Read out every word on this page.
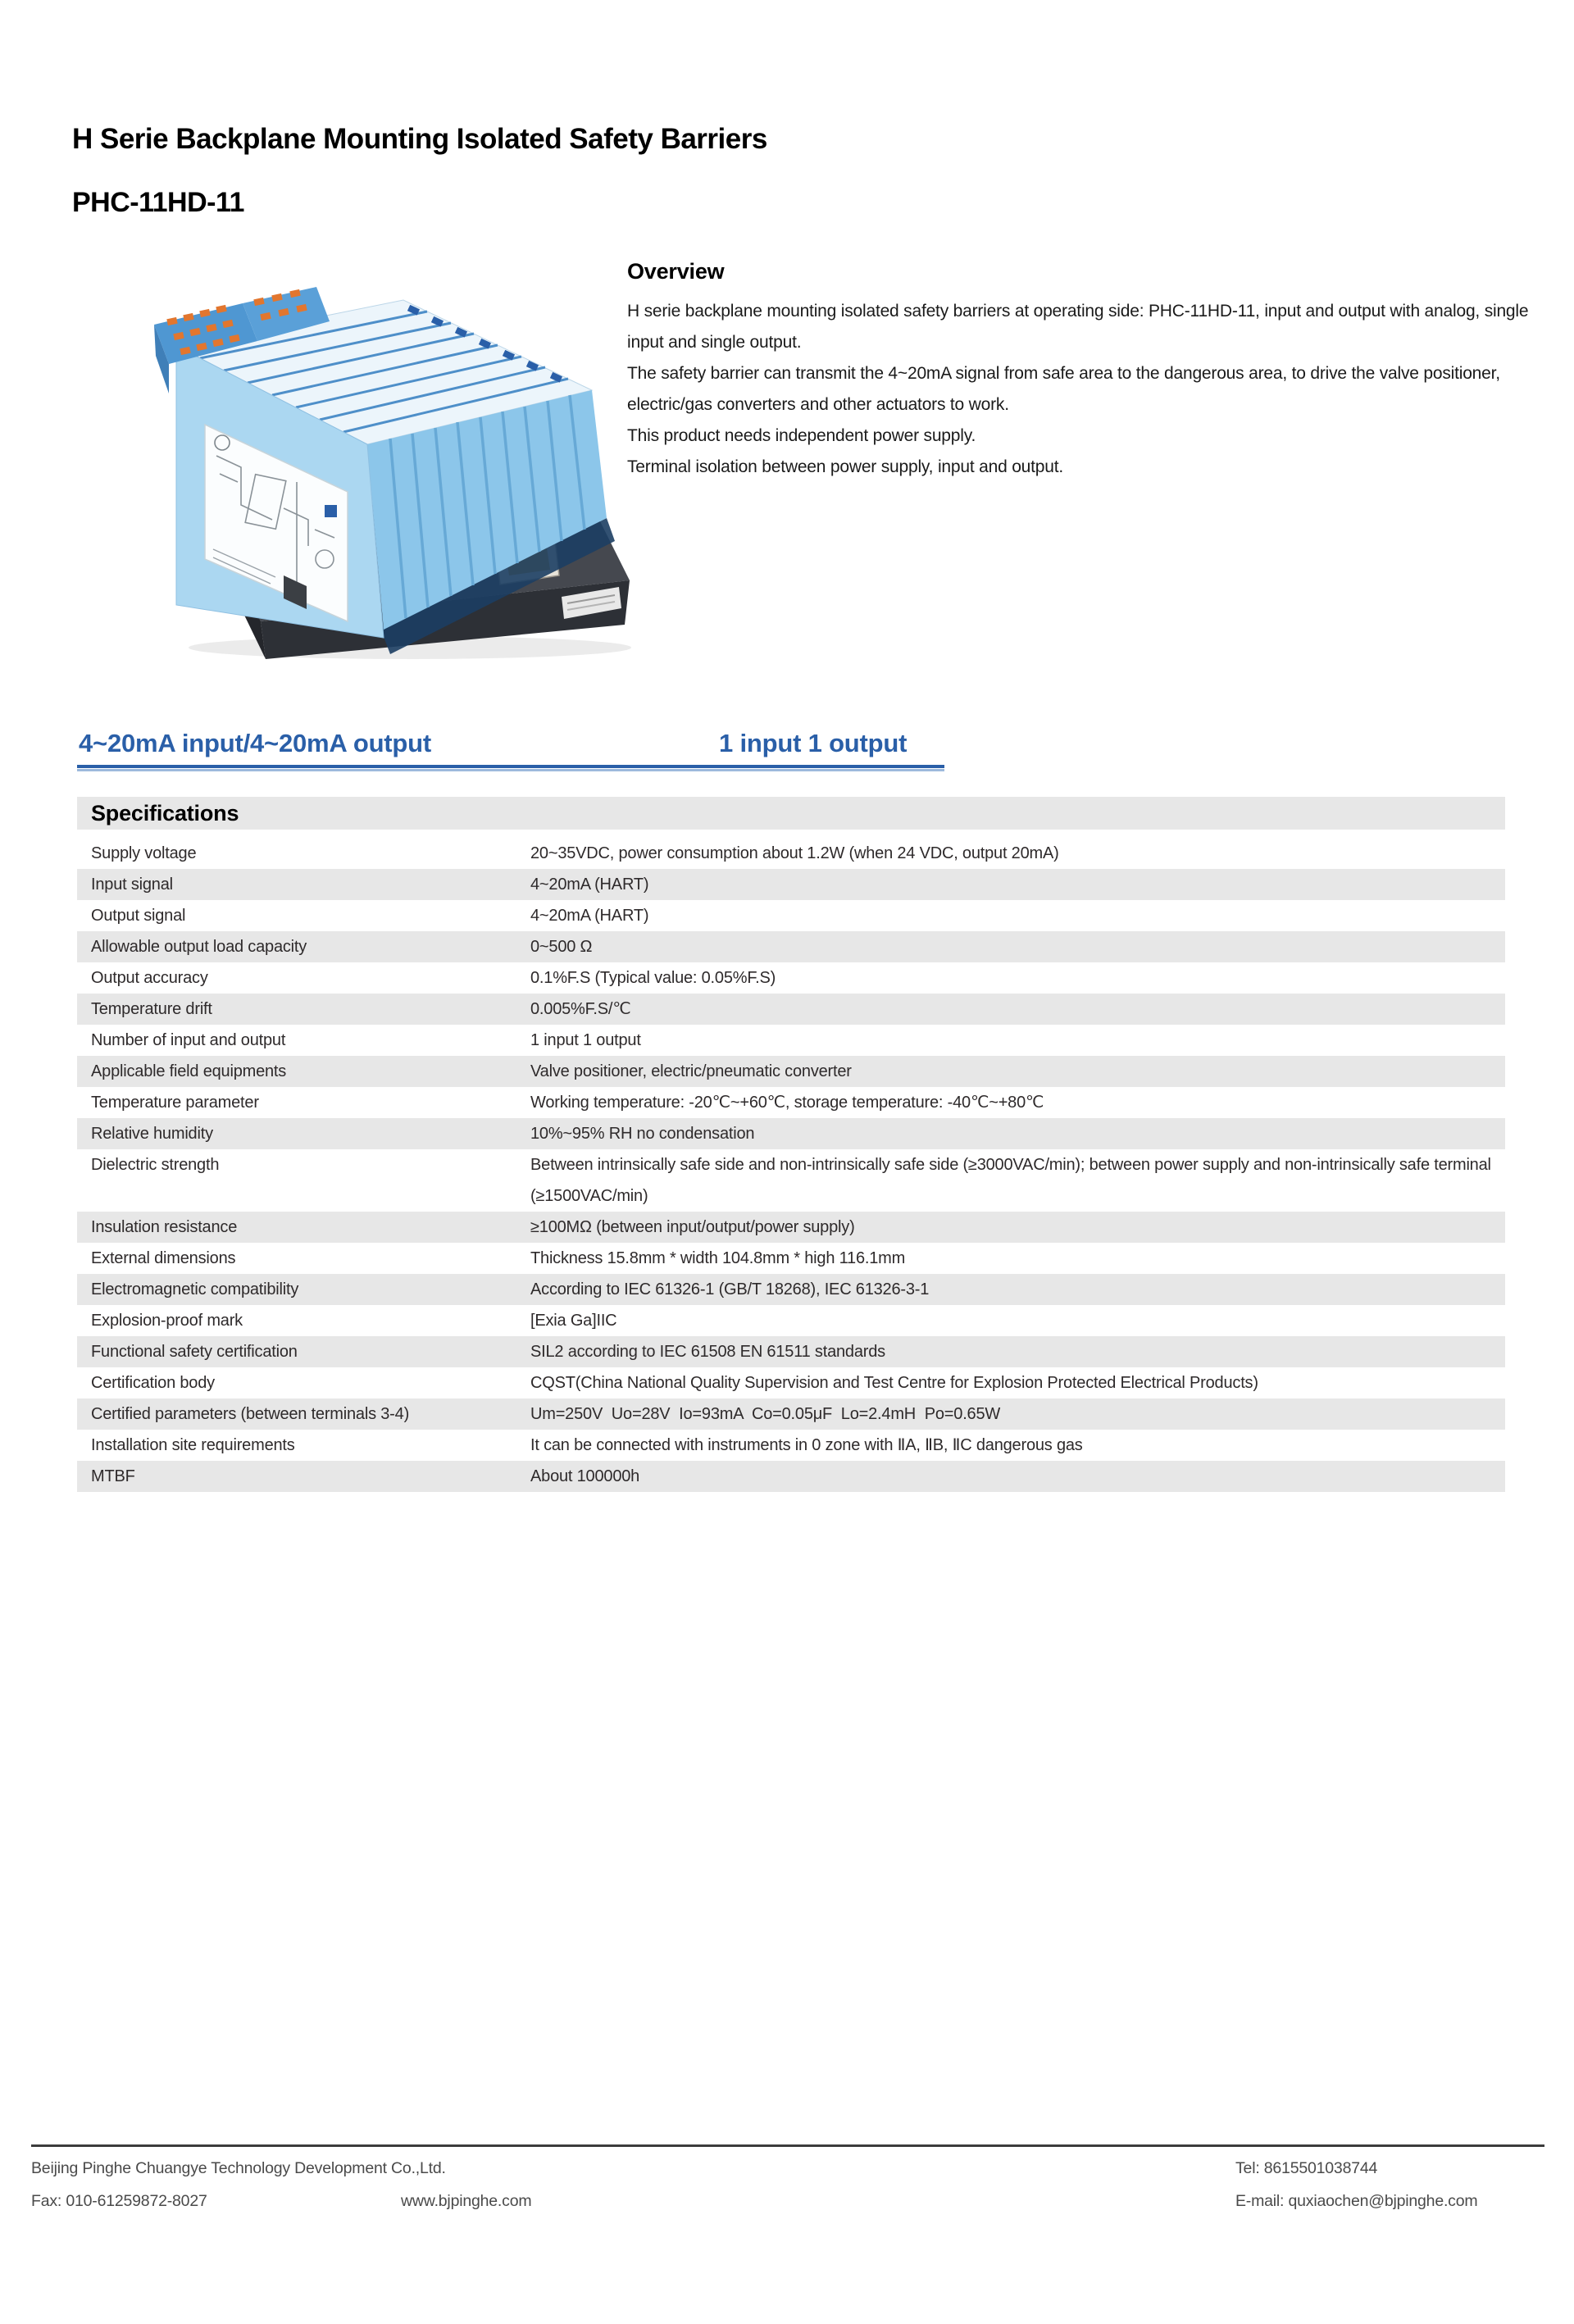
H Serie Backplane Mounting Isolated Safety Barriers
PHC-11HD-11
Overview

H serie backplane mounting isolated safety barriers at operating side: PHC-11HD-11, input and output with analog, single input and single output.

The safety barrier can transmit the 4~20mA signal from safe area to the dangerous area, to drive the valve positioner, electric/gas converters and other actuators to work.

This product needs independent power supply.

Terminal isolation between power supply, input and output.

4~20mA input/4~20mA output	1 input 1 output
Specifications
Supply voltage	20~35VDC, power consumption about 1.2W (when 24 VDC, output 20mA)
Input signal	4~20mA (HART)
Output signal	4~20mA (HART)
Allowable output load capacity	0~500 Ω
Output accuracy	0.1%F.S (Typical value: 0.05%F.S)
Temperature drift	0.005%F.S/℃
Number of input and output	1 input 1 output
Applicable field equipments	Valve positioner, electric/pneumatic converter
Temperature parameter	Working temperature: -20℃~+60℃, storage temperature: -40℃~+80℃
Relative humidity	10%~95% RH no condensation
Dielectric strength	Between intrinsically safe side and non-intrinsically safe side (≥3000VAC/min); between power supply and non-intrinsically safe terminal (≥1500VAC/min)
Insulation resistance	≥100MΩ (between input/output/power supply)
External dimensions	Thickness 15.8mm * width 104.8mm * high 116.1mm
Electromagnetic compatibility	According to IEC 61326-1 (GB/T 18268), IEC 61326-3-1
Explosion-proof mark	[Exia Ga]IIC
Functional safety certification	SIL2 according to IEC 61508 EN 61511 standards
Certification body	CQST(China National Quality Supervision and Test Centre for Explosion Protected Electrical Products)
Certified parameters (between terminals 3-4)	Um=250V  Uo=28V  Io=93mA  Co=0.05μF  Lo=2.4mH  Po=0.65W
Installation site requirements	It can be connected with instruments in 0 zone with ⅡA, ⅡB, ⅡC dangerous gas
MTBF	About 100000h
Beijing Pinghe Chuangye Technology Development Co.,Ltd.	Tel: 8615501038744
Fax: 010-61259872-8027	www.bjpinghe.com	E-mail: quxiaochen@bjpinghe.com
